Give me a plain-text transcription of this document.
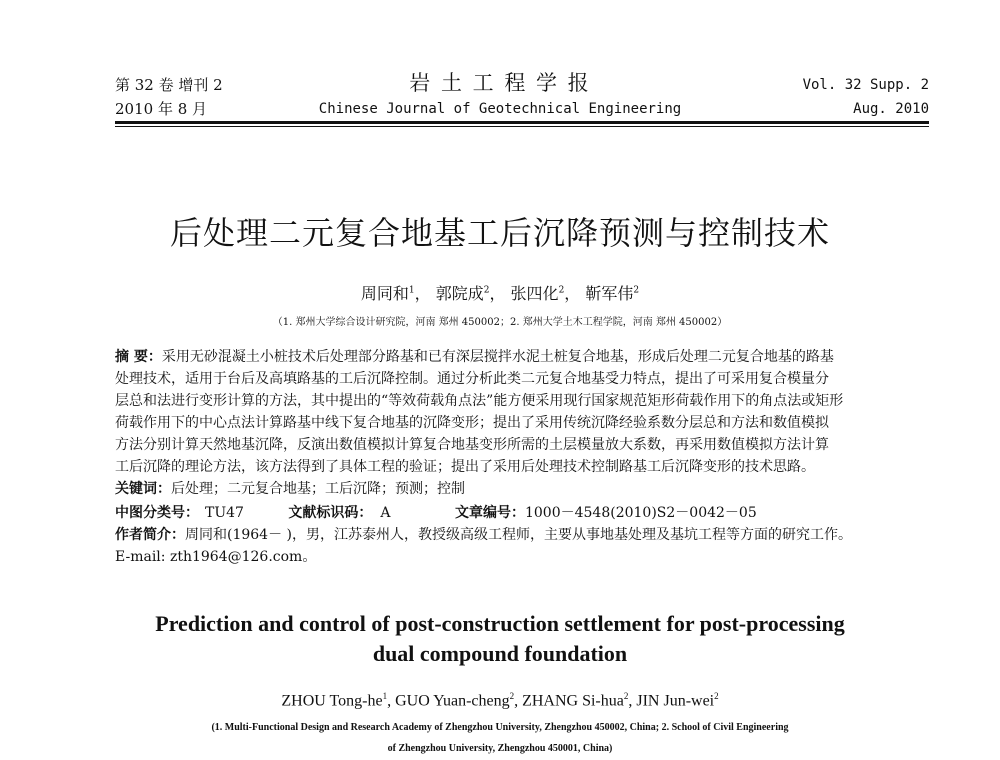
第 32 卷 增刊 2
2010 年 8 月
岩 土 工 程 学 报
Chinese Journal of Geotechnical Engineering
Vol. 32 Supp. 2
Aug. 2010
后处理二元复合地基工后沉降预测与控制技术
周同和$^1$， 郭院成$^2$， 张四化$^2$， 靳军伟$^2$
（1. 郑州大学综合设计研究院，河南 郑州 450002；2. 郑州大学土木工程学院，河南 郑州 450002）
摘 要：采用无砂混凝土小桩技术后处理部分路基和已有深层搅拌水泥土桩复合地基，形成后处理二元复合地基的路基
处理技术，适用于台后及高填路基的工后沉降控制。通过分析此类二元复合地基受力特点，提出了可采用复合模量分
层总和法进行变形计算的方法，其中提出的“等效荷载角点法”能方便采用现行国家规范矩形荷载作用下的角点法或矩形
荷载作用下的中心点法计算路基中线下复合地基的沉降变形；提出了采用传统沉降经验系数分层总和方法和数值模拟
方法分别计算天然地基沉降，反演出数值模拟计算复合地基变形所需的土层模量放大系数，再采用数值模拟方法计算
工后沉降的理论方法，该方法得到了具体工程的验证；提出了采用后处理技术控制路基工后沉降变形的技术思路。
关键词：后处理；二元复合地基；工后沉降；预测；控制
中图分类号： TU47	文献标识码： A	文章编号：1000－4548(2010)S2－0042－05
作者简介：周同和(1964－ )，男，江苏泰州人，教授级高级工程师，主要从事地基处理及基坑工程等方面的研究工作。
E-mail: zth1964@126.com。
Prediction and control of post-construction settlement for post-processing
dual compound foundation
ZHOU Tong-$he^1$, GUO Yuan-cheng$^2$, ZHANG Si-hua$^2$, JIN Jun-wei$^2$
(1. Multi-Functional Design and Research Academy of Zhengzhou University, Zhengzhou 450002, China; 2. School of Civil Engineering
of Zhengzhou University, Zhengzhou 450001, China)
